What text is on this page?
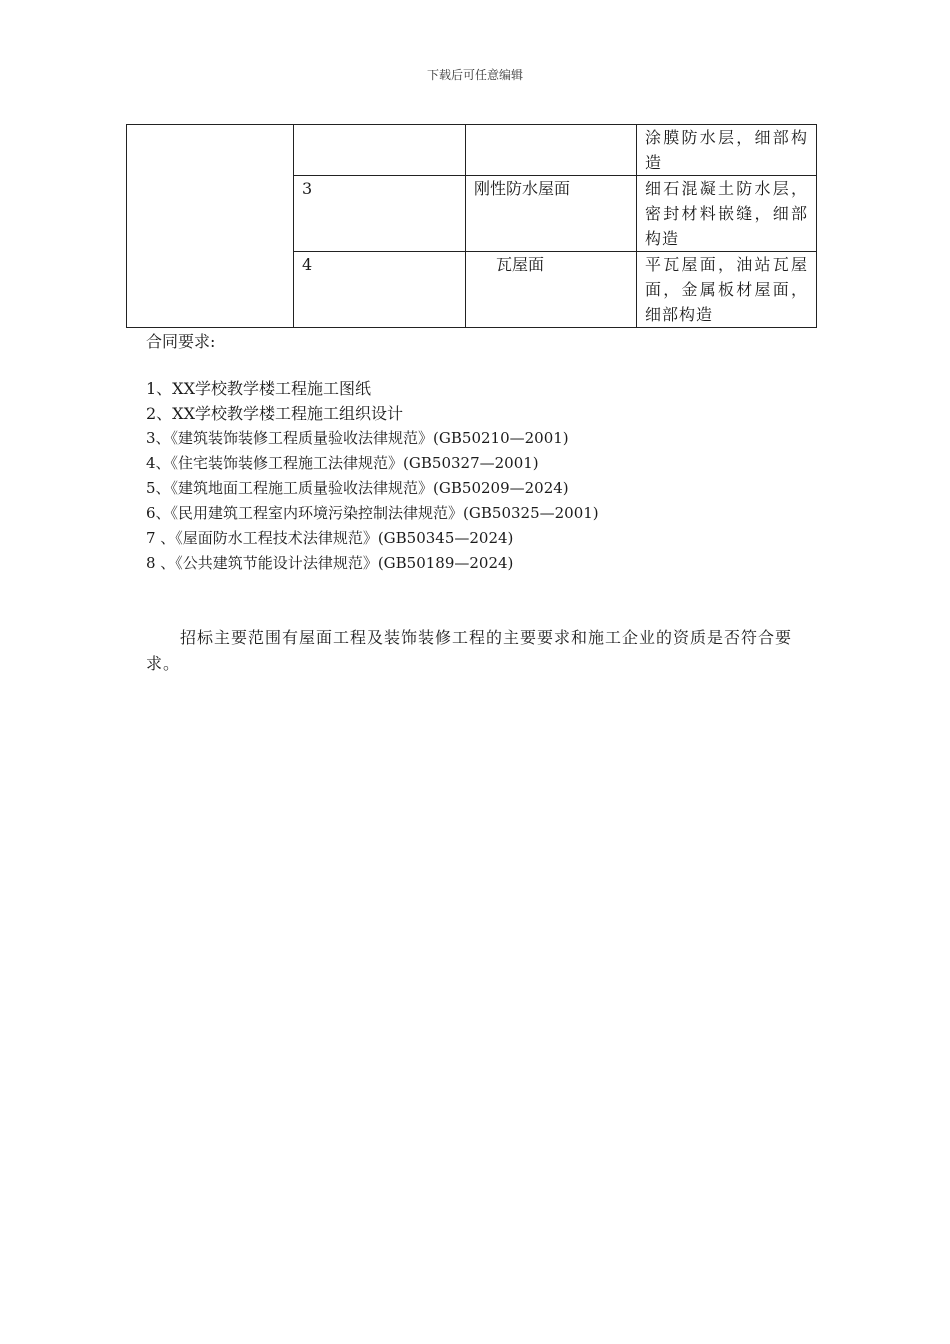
下载后可任意编辑
			涂膜防水层，细部构造
	3	刚性防水屋面	细石混凝土防水层，密封材料嵌缝，细部构造
	4	瓦屋面	平瓦屋面，油站瓦屋面，金属板材屋面，细部构造
合同要求:
1、XX学校教学楼工程施工图纸
2、XX学校教学楼工程施工组织设计
3、《建筑装饰装修工程质量验收法律规范》(GB50210—2001)
4、《住宅装饰装修工程施工法律规范》(GB50327—2001)
5、《建筑地面工程施工质量验收法律规范》(GB50209—2024)
6、《民用建筑工程室内环境污染控制法律规范》(GB50325—2001)
7 、《屋面防水工程技术法律规范》(GB50345—2024)
8 、《公共建筑节能设计法律规范》(GB50189—2024)
招标主要范围有屋面工程及装饰装修工程的主要要求和施工企业的资质是否符合要求。
